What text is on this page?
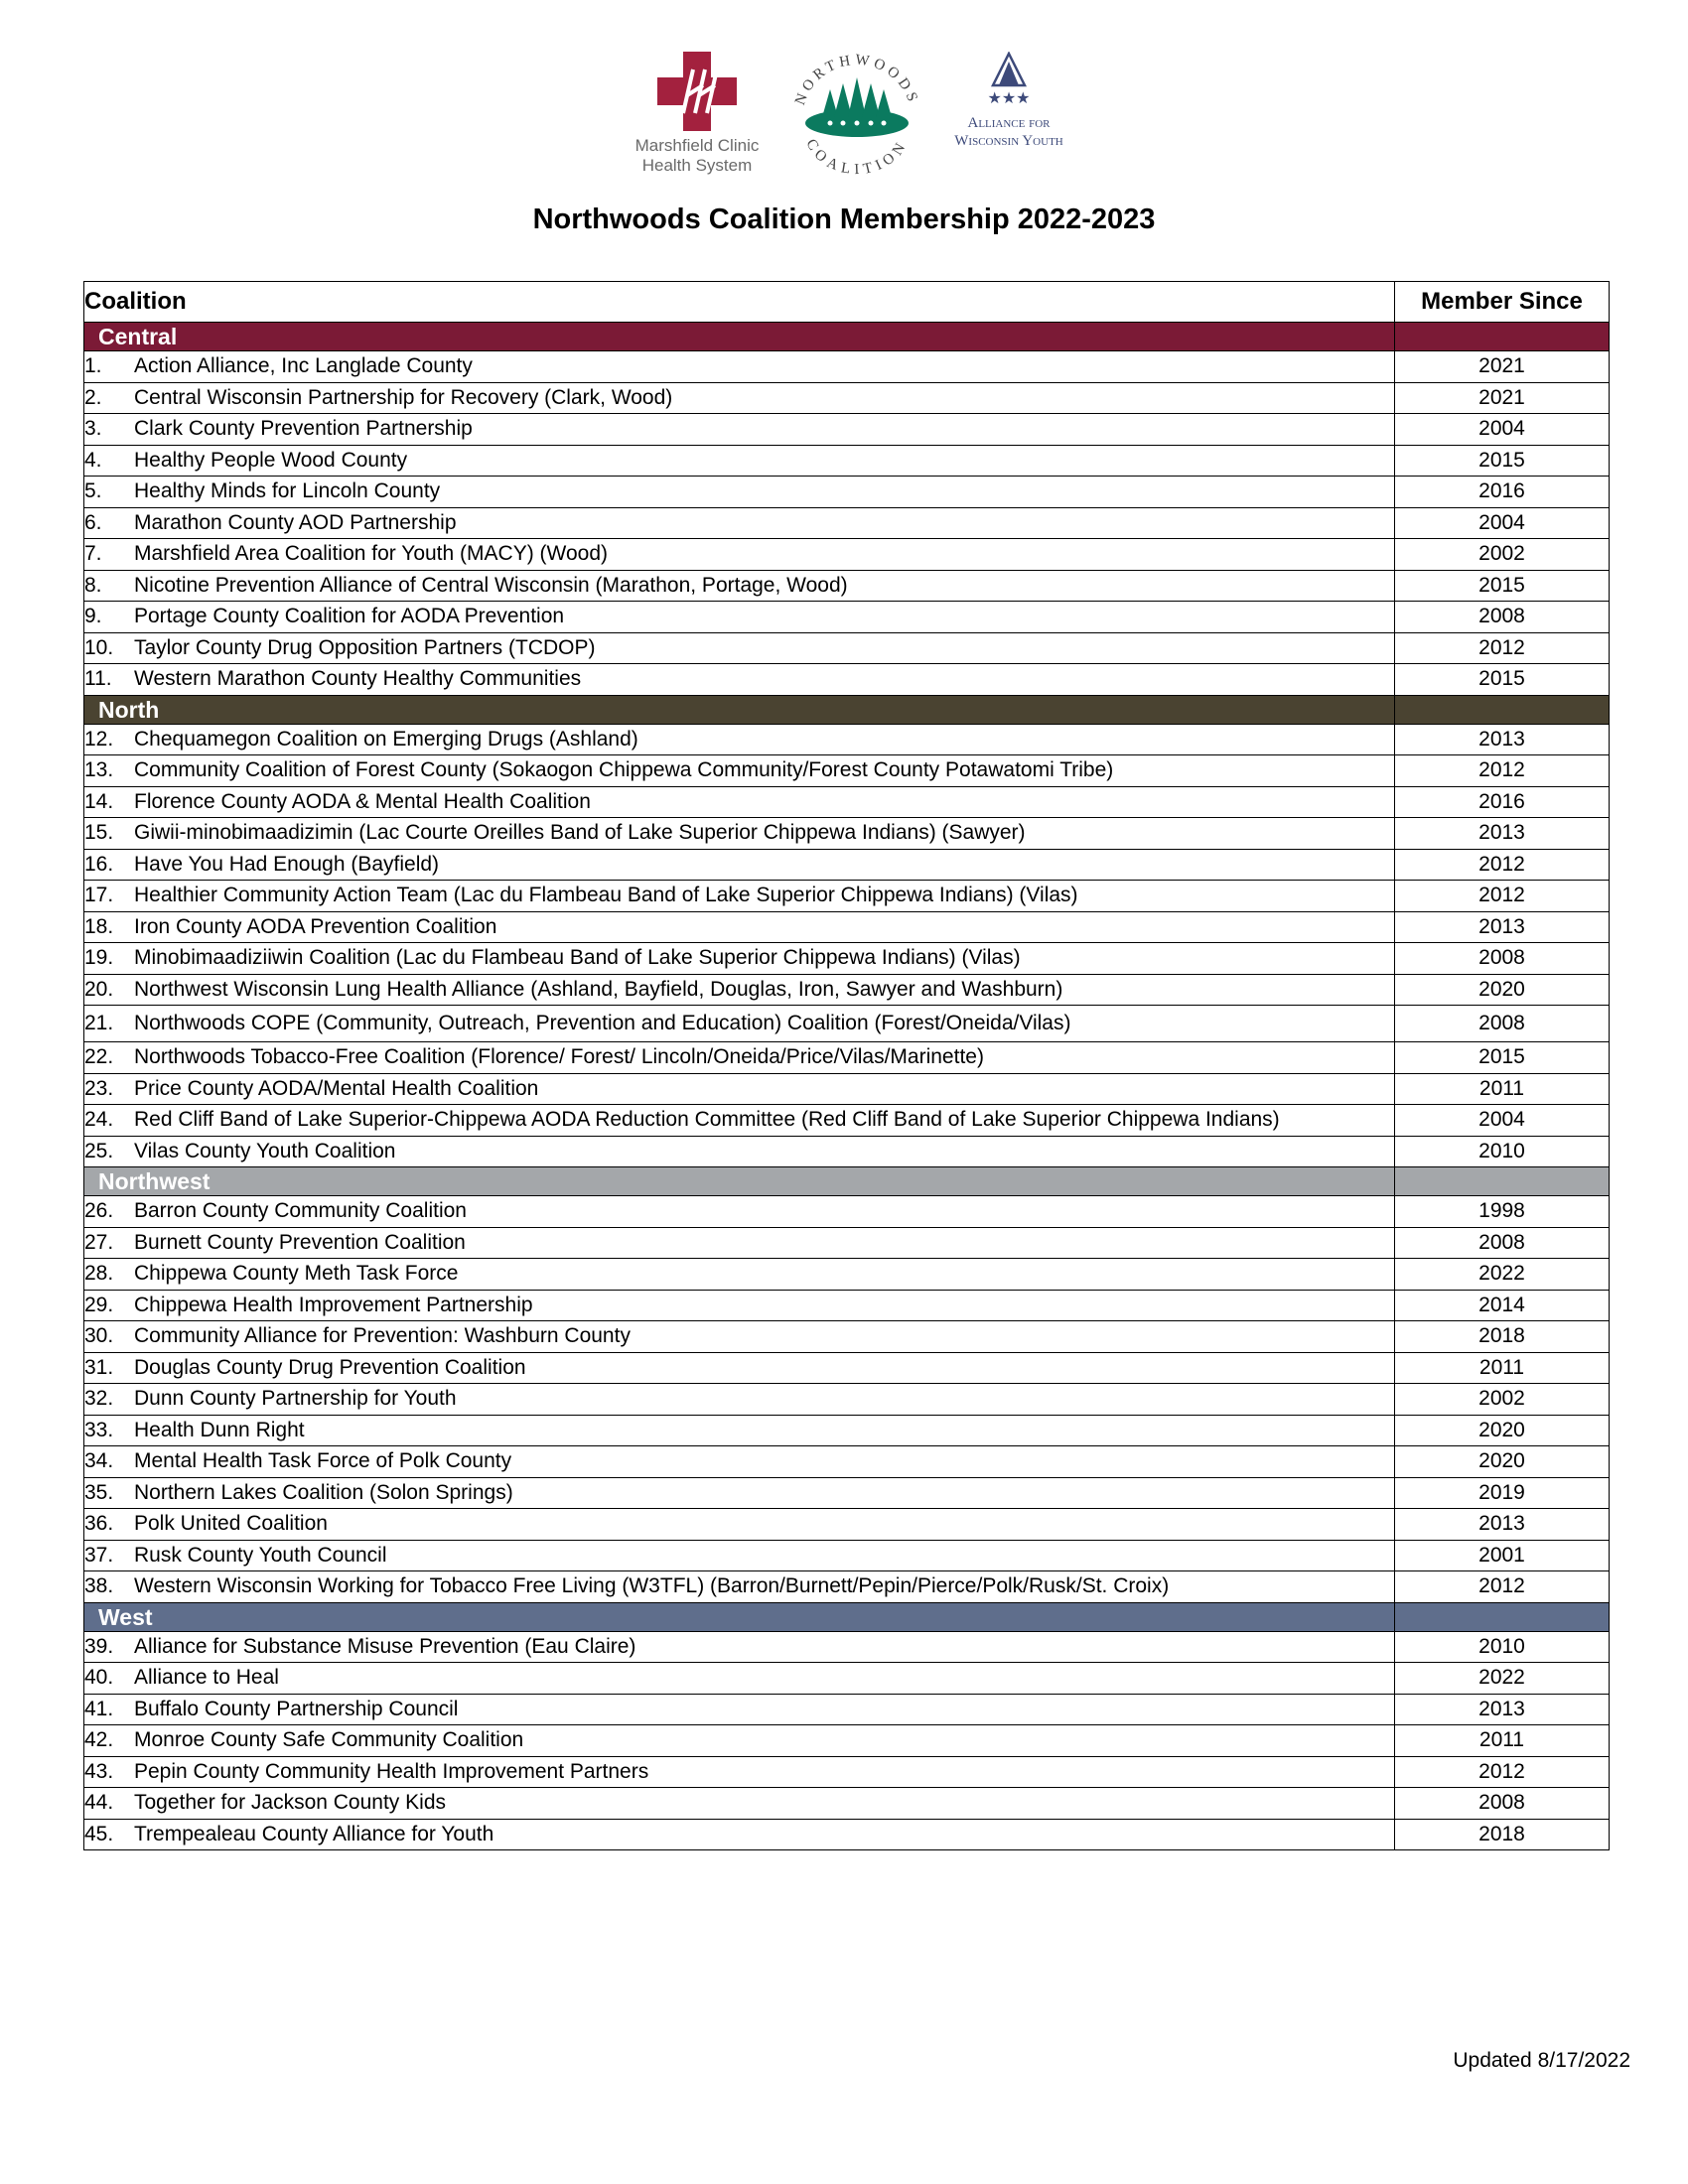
Marshfield Clinic
Health System
NORTHWOODS
COALITION
★★★
Alliance for
Wisconsin Youth
Northwoods Coalition Membership 2022-2023
Coalition	Member Since
Central	
1. Action Alliance, Inc Langlade County	2021
2. Central Wisconsin Partnership for Recovery (Clark, Wood)	2021
3. Clark County Prevention Partnership	2004
4. Healthy People Wood County	2015
5. Healthy Minds for Lincoln County	2016
6. Marathon County AOD Partnership	2004
7. Marshfield Area Coalition for Youth (MACY) (Wood)	2002
8. Nicotine Prevention Alliance of Central Wisconsin (Marathon, Portage, Wood)	2015
9. Portage County Coalition for AODA Prevention	2008
10. Taylor County Drug Opposition Partners (TCDOP)	2012
11. Western Marathon County Healthy Communities	2015
North	
12. Chequamegon Coalition on Emerging Drugs (Ashland)	2013
13. Community Coalition of Forest County (Sokaogon Chippewa Community/Forest County Potawatomi Tribe)	2012
14. Florence County AODA & Mental Health Coalition	2016
15. Giwii-minobimaadizimin (Lac Courte Oreilles Band of Lake Superior Chippewa Indians) (Sawyer)	2013
16. Have You Had Enough (Bayfield)	2012
17. Healthier Community Action Team (Lac du Flambeau Band of Lake Superior Chippewa Indians) (Vilas)	2012
18. Iron County AODA Prevention Coalition	2013
19. Minobimaadiziiwin Coalition (Lac du Flambeau Band of Lake Superior Chippewa Indians) (Vilas)	2008
20. Northwest Wisconsin Lung Health Alliance (Ashland, Bayfield, Douglas, Iron, Sawyer and Washburn)	2020
21. Northwoods COPE (Community, Outreach, Prevention and Education) Coalition (Forest/Oneida/Vilas)	2008
22. Northwoods Tobacco-Free Coalition (Florence/ Forest/ Lincoln/Oneida/Price/Vilas/Marinette)	2015
23. Price County AODA/Mental Health Coalition	2011
24. Red Cliff Band of Lake Superior-Chippewa AODA Reduction Committee (Red Cliff Band of Lake Superior Chippewa Indians)	2004
25. Vilas County Youth Coalition	2010
Northwest	
26. Barron County Community Coalition	1998
27. Burnett County Prevention Coalition	2008
28. Chippewa County Meth Task Force	2022
29. Chippewa Health Improvement Partnership	2014
30. Community Alliance for Prevention: Washburn County	2018
31. Douglas County Drug Prevention Coalition	2011
32. Dunn County Partnership for Youth	2002
33. Health Dunn Right	2020
34. Mental Health Task Force of Polk County	2020
35. Northern Lakes Coalition (Solon Springs)	2019
36. Polk United Coalition	2013
37. Rusk County Youth Council	2001
38. Western Wisconsin Working for Tobacco Free Living (W3TFL) (Barron/Burnett/Pepin/Pierce/Polk/Rusk/St. Croix)	2012
West	
39. Alliance for Substance Misuse Prevention (Eau Claire)	2010
40. Alliance to Heal	2022
41. Buffalo County Partnership Council	2013
42. Monroe County Safe Community Coalition	2011
43. Pepin County Community Health Improvement Partners	2012
44. Together for Jackson County Kids	2008
45. Trempealeau County Alliance for Youth	2018
Updated 8/17/2022
